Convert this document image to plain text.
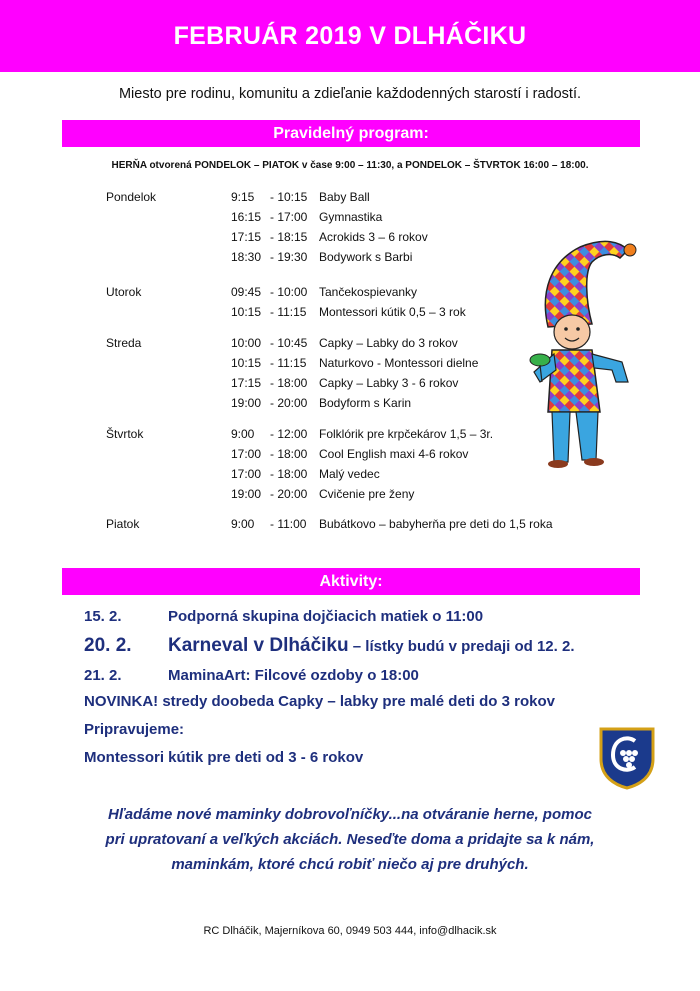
FEBRUÁR 2019 V DLHÁČIKU
Miesto pre rodinu, komunitu a zdieľanie každodenných starostí i radostí.
Pravidelný program:
HERŇA otvorená PONDELOK – PIATOK v čase 9:00 – 11:30, a PONDELOK – ŠTVRTOK 16:00 – 18:00.
Pondelok	9:15 - 10:15 Baby Ball
16:15 - 17:00 Gymnastika
17:15 - 18:15 Acrokids 3 – 6 rokov
18:30 - 19:30 Bodywork s Barbi
Utorok	09:45 - 10:00 Tančekospievanky
10:15 - 11:15 Montessori kútik 0,5 – 3 rok
Streda	10:00 - 10:45 Capky – Labky do 3 rokov
10:15 - 11:15 Naturkovo - Montessori dielne
17:15 - 18:00 Capky – Labky 3 - 6 rokov
19:00 - 20:00 Bodyform s Karin
Štvrtok	9:00 - 12:00 Folklórik pre krpčekárov 1,5 – 3r.
17:00 - 18:00 Cool English maxi 4-6 rokov
17:00 - 18:00 Malý vedec
19:00 - 20:00 Cvičenie pre ženy
Piatok	9:00 - 11:00 Bubátkovo – babyherňa pre deti do 1,5 roka
Aktivity:
15. 2.	Podporná skupina dojčiacich matiek o 11:00
20. 2. Karneval v Dlháčiku – lístky budú v predaji od 12. 2.
21. 2.	MaminaArt: Filcové ozdoby o 18:00
NOVINKA! stredy doobeda Capky – labky pre malé deti do 3 rokov
Pripravujeme:
Montessori kútik pre deti od 3 - 6 rokov
Hľadáme nové maminky dobrovoľníčky...na otváranie herne, pomoc
pri upratovaní a veľkých akciách. Neseďte doma a pridajte sa k nám,
maminkám, ktoré chcú robiť niečo aj pre druhých.
RC Dlháčik, Majerníkova 60, 0949 503 444, info@dlhacik.sk
